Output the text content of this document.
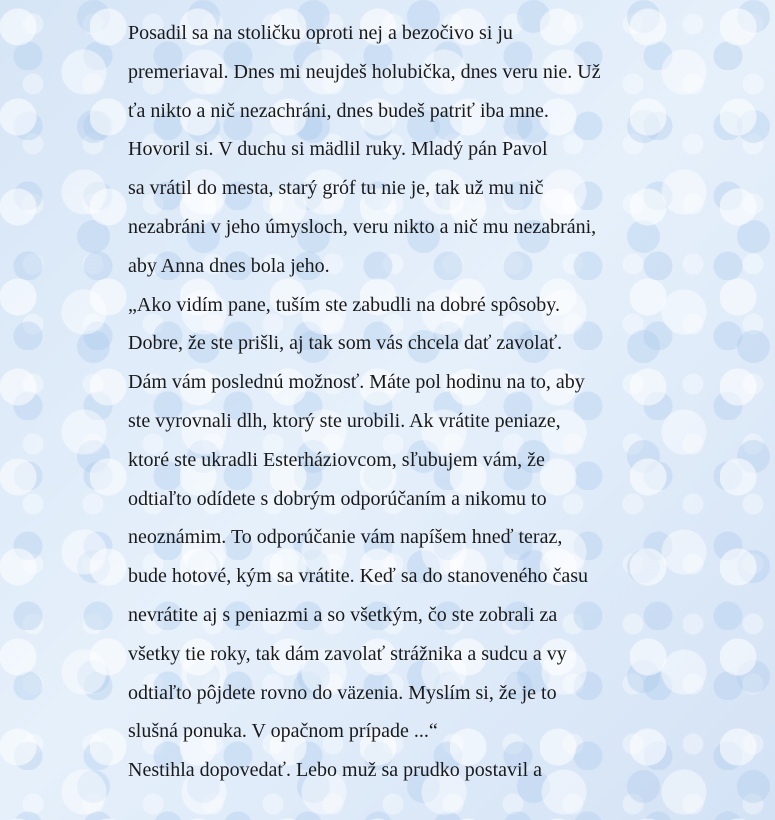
Posadil sa na stoličku oproti nej a bezočivo si ju
premeriaval. Dnes mi neujdeš holubička, dnes veru nie. Už
ťa nikto a nič nezachráni, dnes budeš patriť iba mne.
Hovoril si. V duchu si mädlil ruky. Mladý pán Pavol
sa vrátil do mesta, starý gróf tu nie je, tak už mu nič
nezabráni v jeho úmysloch, veru nikto a nič mu nezabráni,
aby Anna dnes bola jeho.
„Ako vidím pane, tuším ste zabudli na dobré spôsoby.
Dobre, že ste prišli, aj tak som vás chcela dať zavolať.
Dám vám poslednú možnosť. Máte pol hodinu na to, aby
ste vyrovnali dlh, ktorý ste urobili. Ak vrátite peniaze,
ktoré ste ukradli Esterháziovcom, sľubujem vám, že
odtiaľto odídete s dobrým odporúčaním a nikomu to
neoznámim. To odporúčanie vám napíšem hneď teraz,
bude hotové, kým sa vrátite. Keď sa do stanoveného času
nevrátite aj s peniazmi a so všetkým, čo ste zobrali za
všetky tie roky, tak dám zavolať strážnika a sudcu a vy
odtiaľto pôjdete rovno do väzenia. Myslím si, že je to
slušná ponuka. V opačnom prípade ...“
Nestihla dopovedať. Lebo muž sa prudko postavil a
